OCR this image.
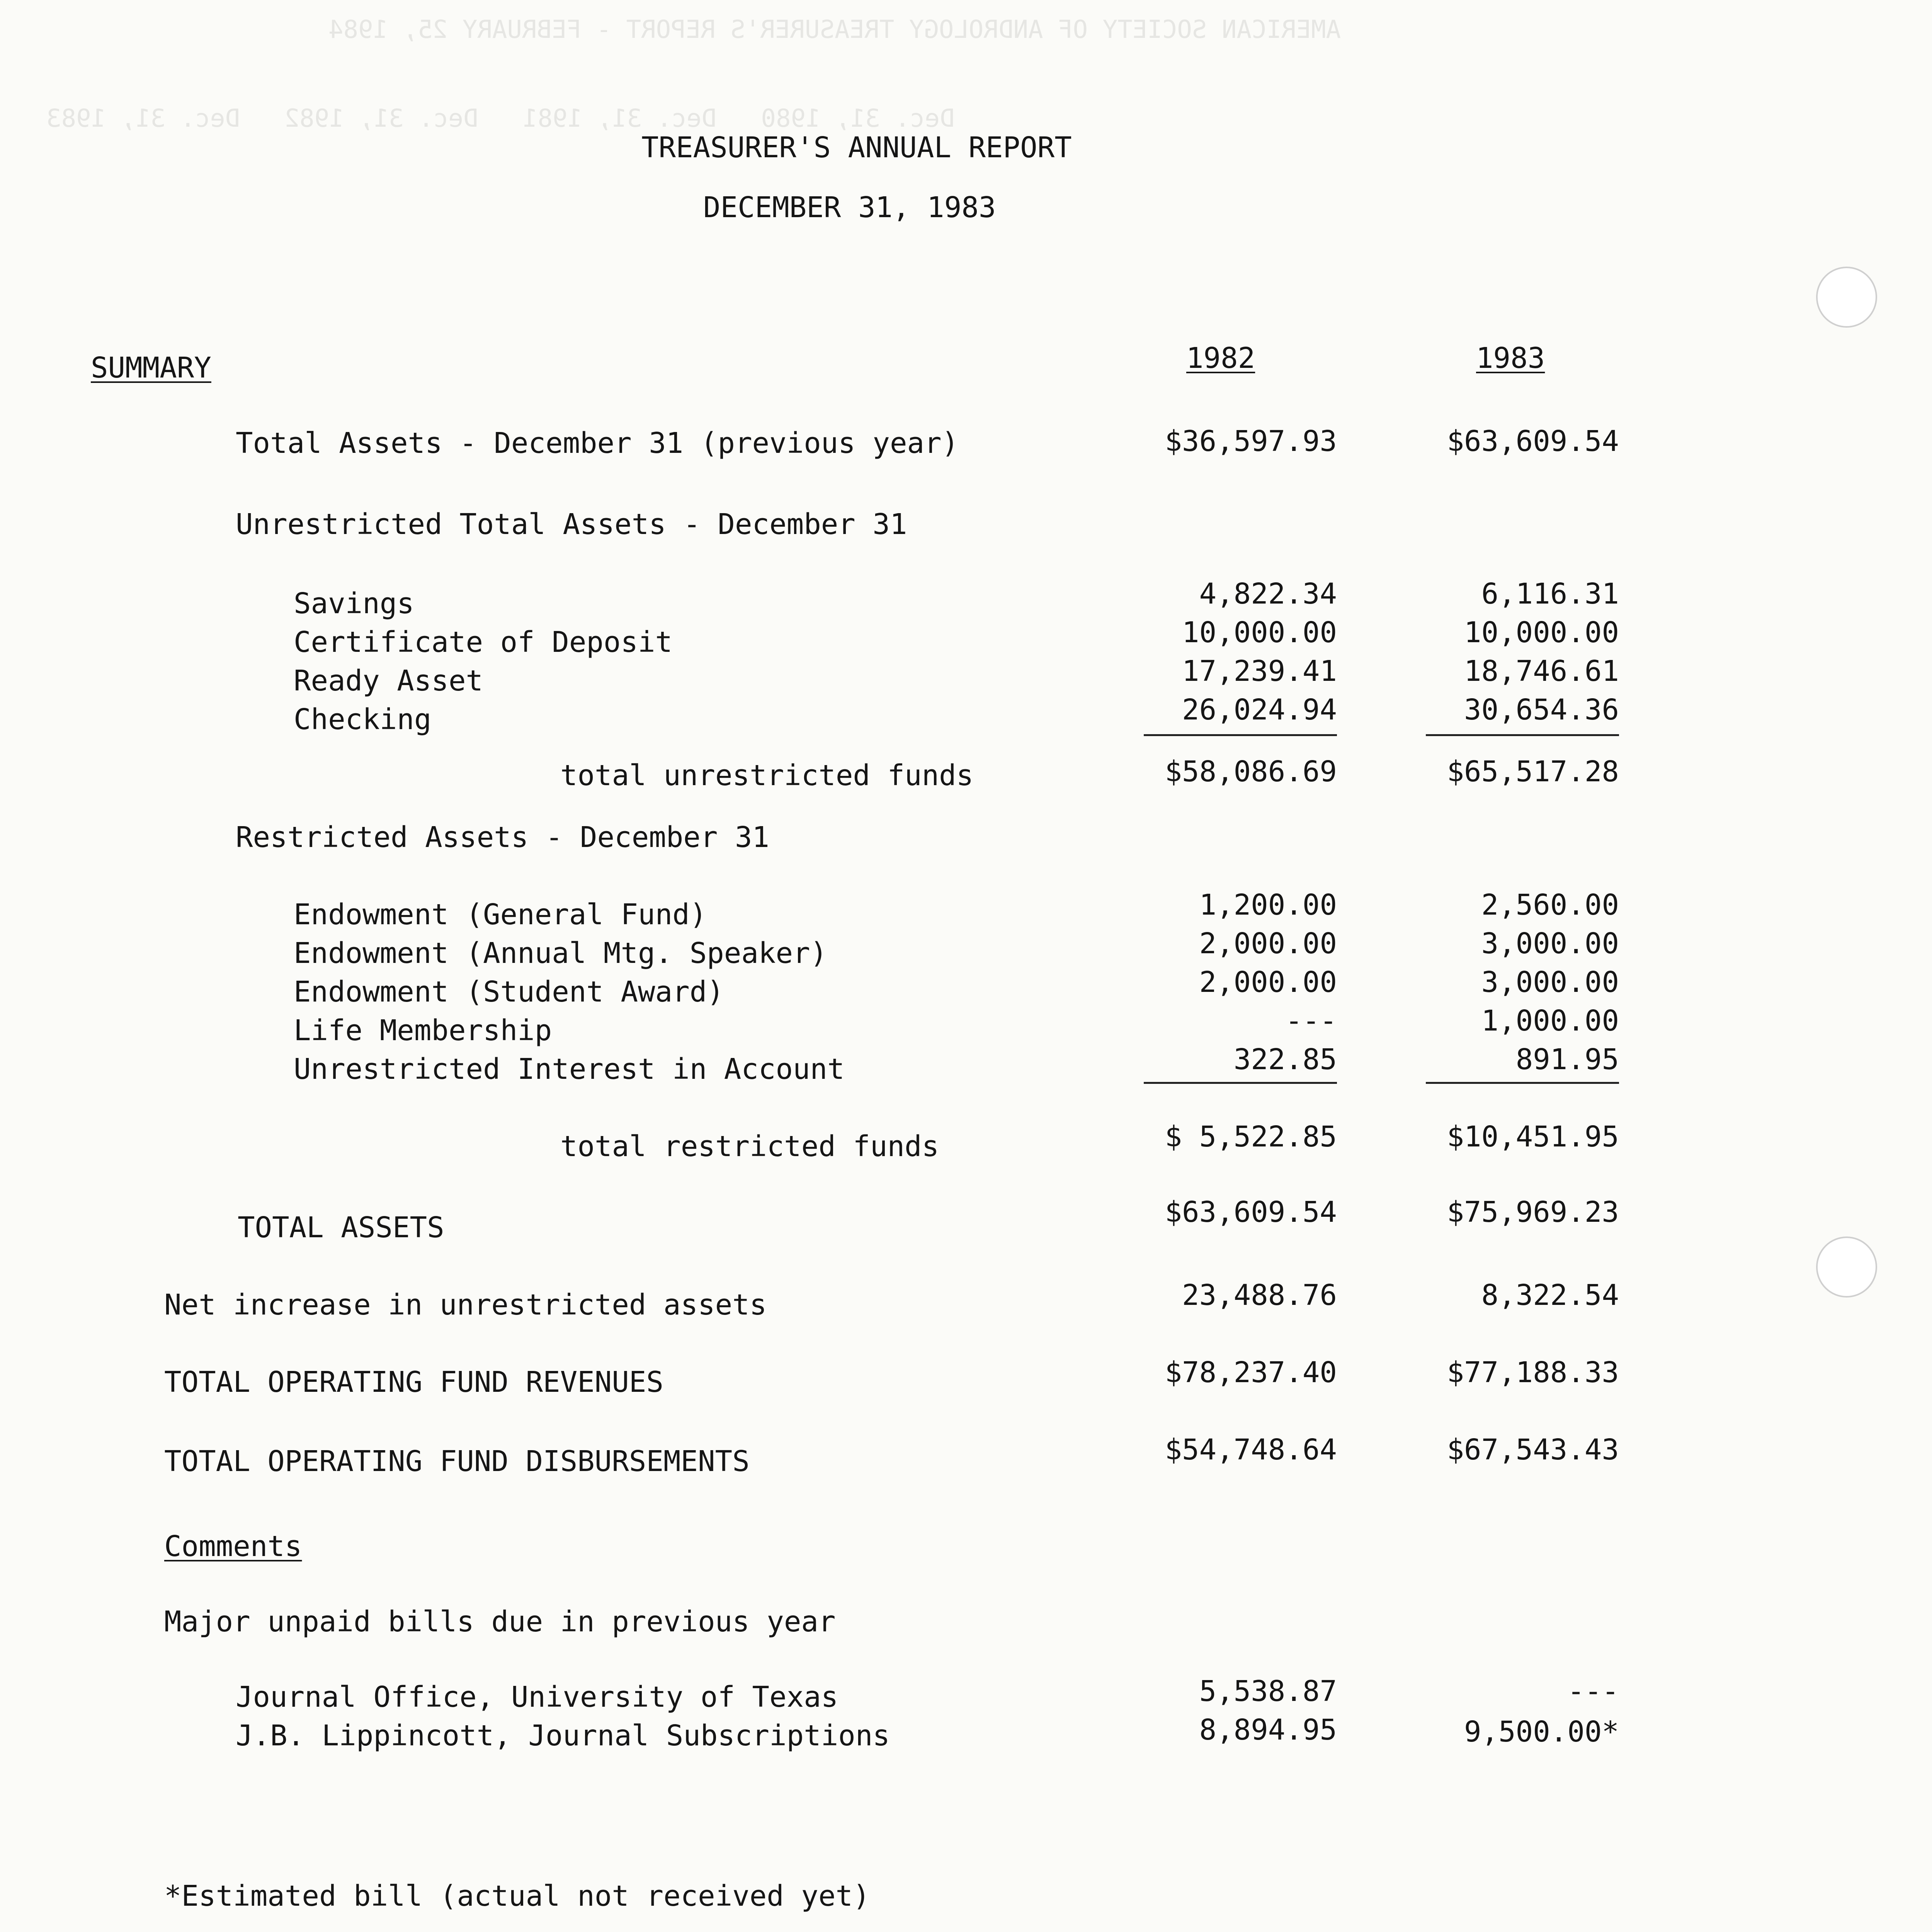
AMERICAN SOCIETY OF ANDROLOGY TREASURER'S REPORT - FEBRUARY 25, 1984
Dec. 31, 1980   Dec. 31, 1981   Dec. 31, 1982   Dec. 31, 1983
TREASURER'S ANNUAL REPORT
DECEMBER 31, 1983
SUMMARY	1982	1983
Total Assets - December 31 (previous year)	$36,597.93	$63,609.54
Unrestricted Total Assets - December 31
Savings	4,822.34	6,116.31
Certificate of Deposit	10,000.00	10,000.00
Ready Asset	17,239.41	18,746.61
Checking	26,024.94	30,654.36
total unrestricted funds	$58,086.69	$65,517.28
Restricted Assets - December 31
Endowment (General Fund)	1,200.00	2,560.00
Endowment (Annual Mtg. Speaker)	2,000.00	3,000.00
Endowment (Student Award)	2,000.00	3,000.00
Life Membership	---	1,000.00
Unrestricted Interest in Account	322.85	891.95
total restricted funds	$ 5,522.85	$10,451.95
TOTAL ASSETS	$63,609.54	$75,969.23
Net increase in unrestricted assets	23,488.76	8,322.54
TOTAL OPERATING FUND REVENUES	$78,237.40	$77,188.33
TOTAL OPERATING FUND DISBURSEMENTS	$54,748.64	$67,543.43
Comments
Major unpaid bills due in previous year
Journal Office, University of Texas	5,538.87	---
J.B. Lippincott, Journal Subscriptions	8,894.95	9,500.00*
*Estimated bill (actual not received yet)
